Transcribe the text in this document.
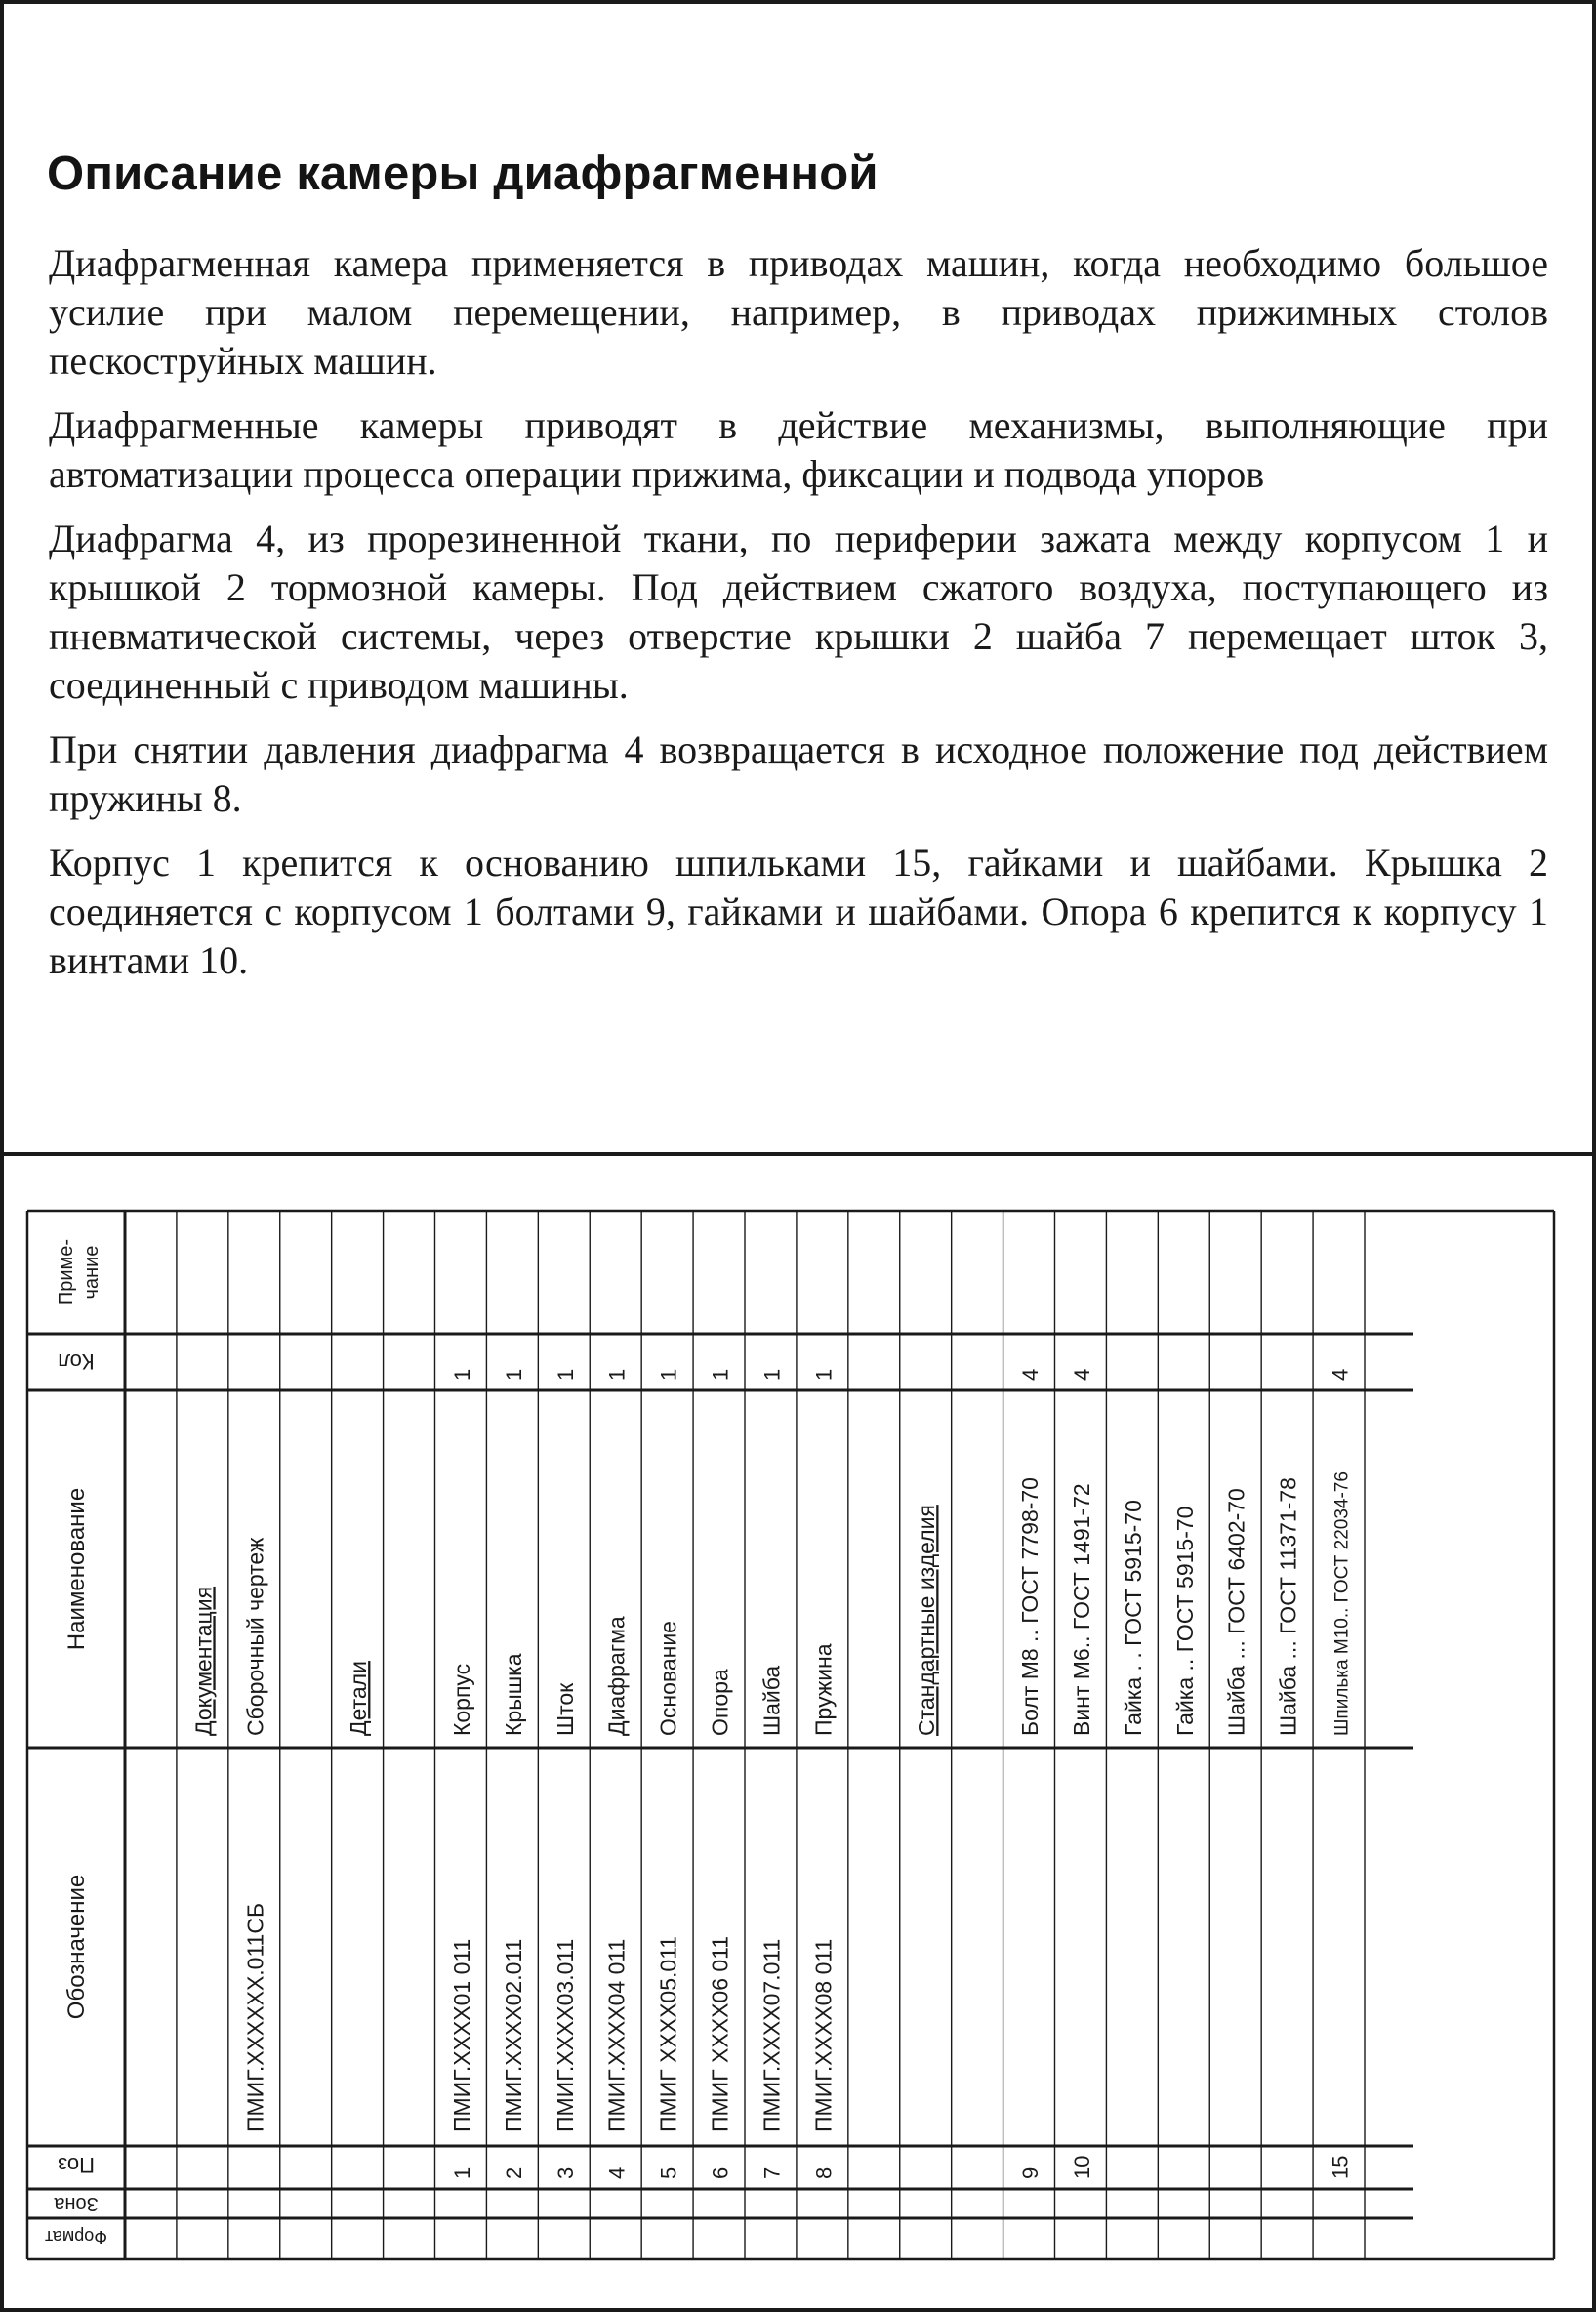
Описание камеры диафрагменной

Диафрагменная камера применяется в приводах машин, когда необходимо большое усилие при малом перемещении, например, в приводах прижимных столов пескоструйных машин.

Диафрагменные камеры приводят в действие механизмы, выполняющие при автоматизации процесса операции прижима, фиксации и подвода упоров

Диафрагма 4, из прорезиненной ткани, по периферии зажата между корпусом 1 и крышкой 2 тормозной камеры. Под действием сжатого воздуха, поступающего из пневматической системы, через отверстие крышки 2 шайба 7 перемещает шток 3, соединенный с приводом машины.

При снятии давления диафрагма 4 возвращается в исходное положение под действием пружины 8.

Корпус 1 крепится к основанию шпильками 15, гайками и шайбами. Крышка 2 соединяется с корпусом 1 болтами 9, гайками и шайбами. Опора 6 крепится к корпусу 1 винтами 10.

Приме- чание
Кол
Наименование
Обозначение
Поз
Зона
Формат
Документация Сборочный чертеж
ПМИГ.XXXXXX.011СБ
Детали	Корпус
ПМИГ.XXXX01 011
1
1
Крышка
ПМИГ.XXXX02.011
1
2
Шток
ПМИГ.XXXX03.011
1
3
Диафрагма
ПМИГ.XXXX04 011
1
4
Основание
ПМИГ XXXX05.011
1
5
Опора
ПМИГ XXXX06 011
1
6
Шайба
ПМИГ.XXXX07.011
1
7
Пружина
ПМИГ.XXXX08 011
1
8
Стандартные изделия	Болт М8 .. ГОСТ 7798-70
4
9
Винт М6.. ГОСТ 1491-72
4
10
Гайка . . ГОСТ 5915-70 Гайка .. ГОСТ 5915-70 Шайба ... ГОСТ 6402-70 Шайба ... ГОСТ 11371-78 Шпилька М10.. ГОСТ 22034-76
4
15
